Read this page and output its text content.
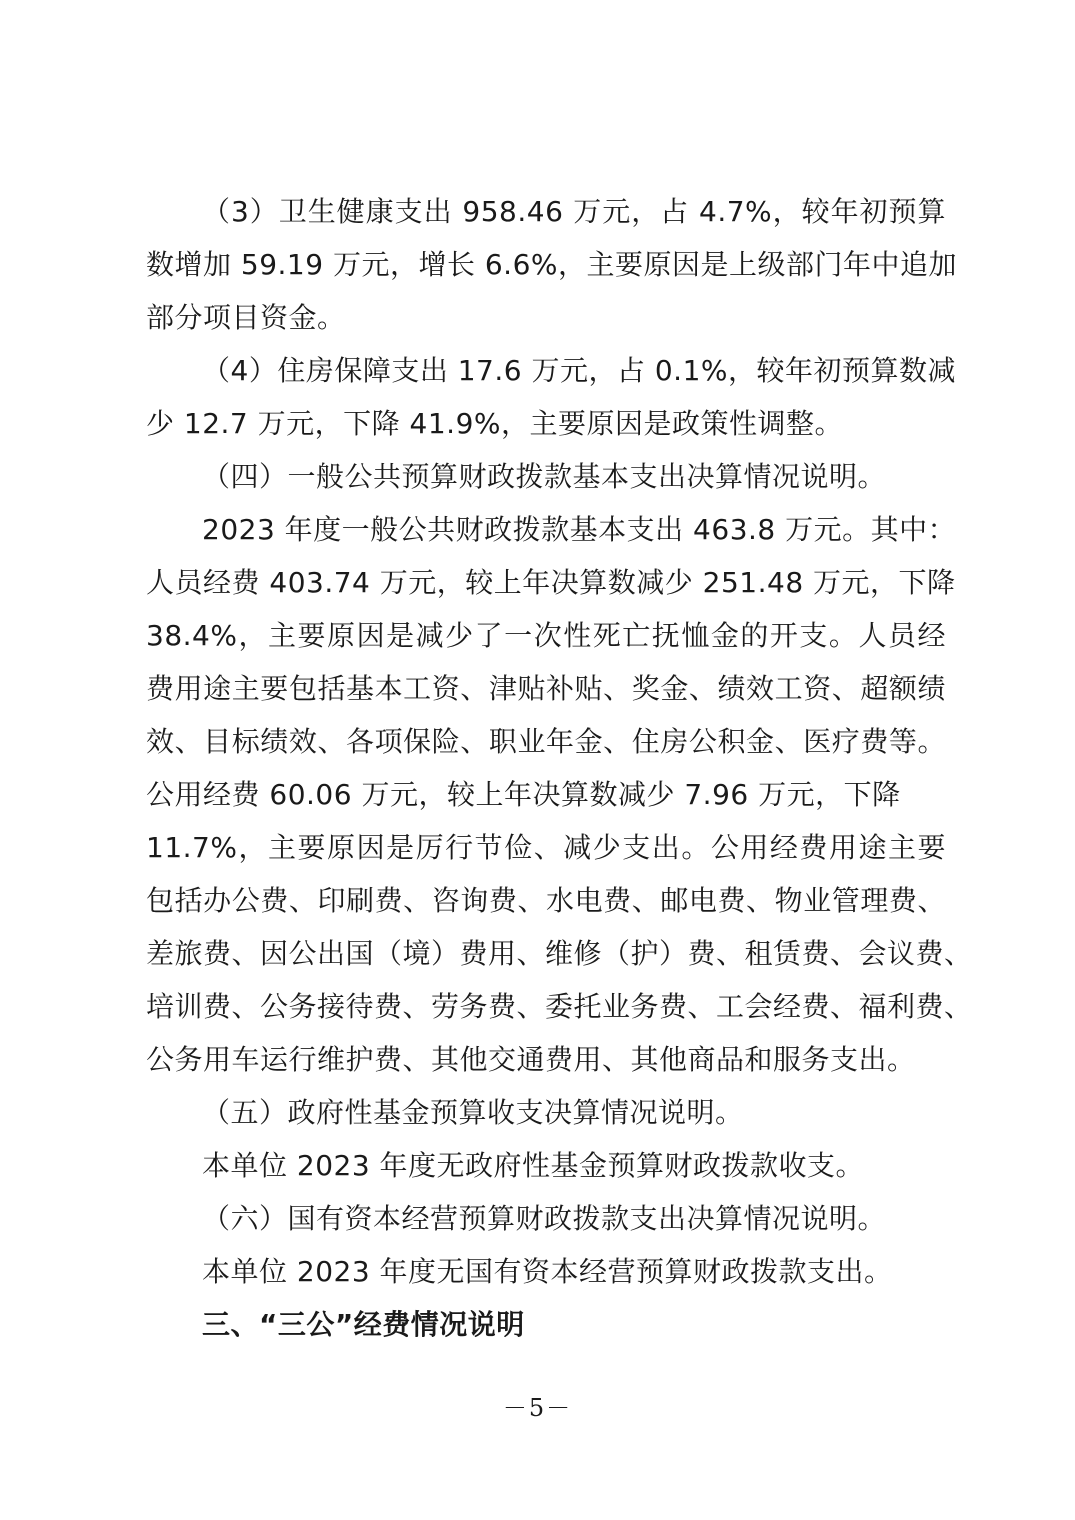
（3）卫生健康支出 958.46 万元，占 4.7%，较年初预算
数增加 59.19 万元，增长 6.6%，主要原因是上级部门年中追加
部分项目资金。
（4）住房保障支出 17.6 万元，占 0.1%，较年初预算数减
少 12.7 万元，下降 41.9%，主要原因是政策性调整。
（四）一般公共预算财政拨款基本支出决算情况说明。
2023 年度一般公共财政拨款基本支出 463.8 万元。其中：
人员经费 403.74 万元，较上年决算数减少 251.48 万元，下降
38.4%，主要原因是减少了一次性死亡抚恤金的开支。人员经
费用途主要包括基本工资、津贴补贴、奖金、绩效工资、超额绩
效、目标绩效、各项保险、职业年金、住房公积金、医疗费等。
公用经费 60.06 万元，较上年决算数减少 7.96 万元，下降
11.7%，主要原因是厉行节俭、减少支出。公用经费用途主要
包括办公费、印刷费、咨询费、水电费、邮电费、物业管理费、
差旅费、因公出国（境）费用、维修（护）费、租赁费、会议费、
培训费、公务接待费、劳务费、委托业务费、工会经费、福利费、
公务用车运行维护费、其他交通费用、其他商品和服务支出。
（五）政府性基金预算收支决算情况说明。
本单位 2023 年度无政府性基金预算财政拨款收支。
（六）国有资本经营预算财政拨款支出决算情况说明。
本单位 2023 年度无国有资本经营预算财政拨款支出。
三、“三公”经费情况说明
－5－
